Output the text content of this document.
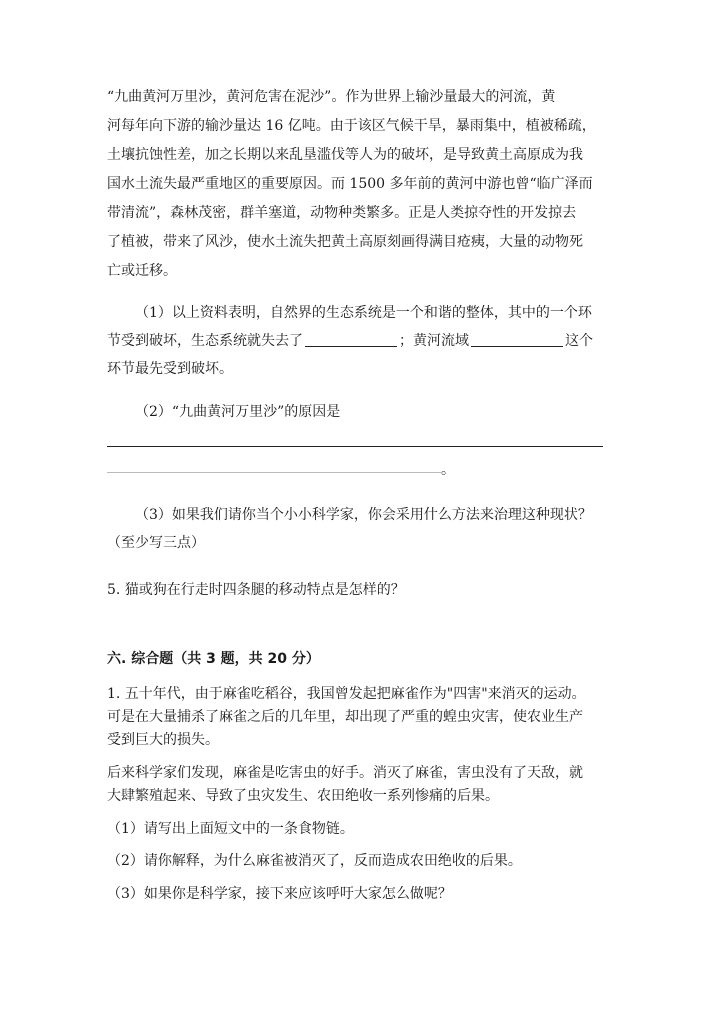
“九曲黄河万里沙，黄河危害在泥沙”。作为世界上输沙量最大的河流，黄
河每年向下游的输沙量达 16 亿吨。由于该区气候干旱，暴雨集中，植被稀疏，
土壤抗蚀性差，加之长期以来乱垦滥伐等人为的破坏，是导致黄土高原成为我
国水土流失最严重地区的重要原因。而 1500 多年前的黄河中游也曾“临广泽而
带清流”，森林茂密，群羊塞道，动物种类繁多。正是人类掠夺性的开发掠去
了植被，带来了风沙，使水土流失把黄土高原刻画得满目疮痍，大量的动物死
亡或迁移。
（1）以上资料表明，自然界的生态系统是一个和谐的整体，其中的一个环
节受到破坏，生态系统就失去了	；黄河流域	这个
环节最先受到破坏。
（2）“九曲黄河万里沙”的原因是
。
（3）如果我们请你当个小小科学家，你会采用什么方法来治理这种现状？
（至少写三点）
5. 猫或狗在行走时四条腿的移动特点是怎样的？
六. 综合题（共 3 题，共 20 分）
1. 五十年代，由于麻雀吃稻谷，我国曾发起把麻雀作为"四害"来消灭的运动。
可是在大量捕杀了麻雀之后的几年里，却出现了严重的蝗虫灾害，使农业生产
受到巨大的损失。
后来科学家们发现，麻雀是吃害虫的好手。消灭了麻雀，害虫没有了天敌，就
大肆繁殖起来、导致了虫灾发生、农田绝收一系列惨痛的后果。
（1）请写出上面短文中的一条食物链。
（2）请你解释，为什么麻雀被消灭了，反而造成农田绝收的后果。
（3）如果你是科学家，接下来应该呼吁大家怎么做呢？
